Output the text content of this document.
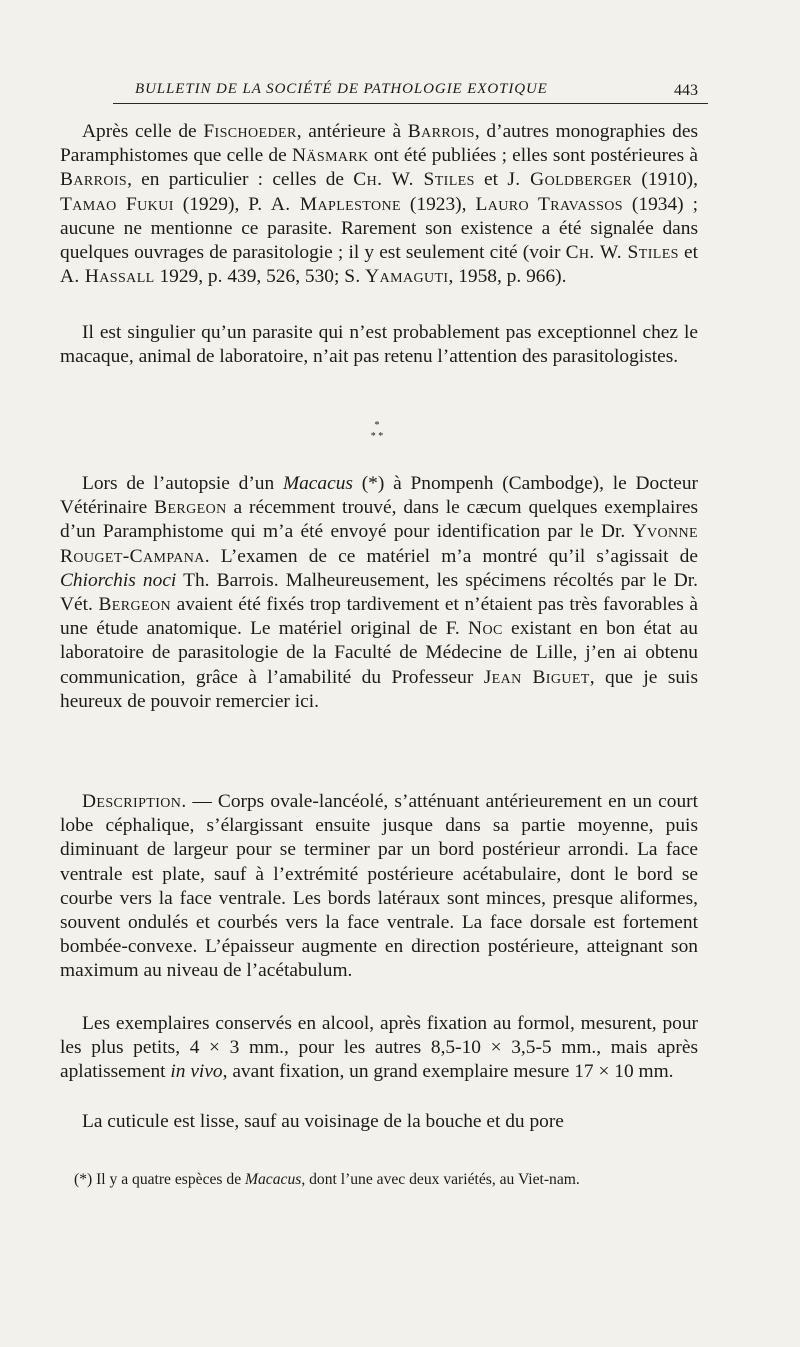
BULLETIN DE LA SOCIÉTÉ DE PATHOLOGIE EXOTIQUE	443

Après celle de Fischoeder, antérieure à Barrois, d’autres monographies des Paramphistomes que celle de Näsmark ont été publiées ; elles sont postérieures à Barrois, en particulier : celles de Ch. W. Stiles et J. Goldberger (1910), Tamao Fukui (1929), P. A. Maplestone (1923), Lauro Travassos (1934) ; aucune ne mentionne ce parasite. Rarement son existence a été signalée dans quelques ouvrages de parasitologie ; il y est seulement cité (voir Ch. W. Stiles et A. Hassall 1929, p. 439, 526, 530; S. Yamaguti, 1958, p. 966).

Il est singulier qu’un parasite qui n’est probablement pas exceptionnel chez le macaque, animal de laboratoire, n’ait pas retenu l’attention des parasitologistes.

*
* *

Lors de l’autopsie d’un Macacus (*) à Pnompenh (Cambodge), le Docteur Vétérinaire Bergeon a récemment trouvé, dans le cæcum quelques exemplaires d’un Paramphistome qui m’a été envoyé pour identification par le Dr. Yvonne Rouget-Campana. L’examen de ce matériel m’a montré qu’il s’agissait de Chiorchis noci Th. Barrois. Malheureusement, les spécimens récoltés par le Dr. Vét. Bergeon avaient été fixés trop tardivement et n’étaient pas très favorables à une étude anatomique. Le matériel original de F. Noc existant en bon état au laboratoire de parasitologie de la Faculté de Médecine de Lille, j’en ai obtenu communication, grâce à l’amabilité du Professeur Jean Biguet, que je suis heureux de pouvoir remercier ici.

Description. — Corps ovale-lancéolé, s’atténuant antérieurement en un court lobe céphalique, s’élargissant ensuite jusque dans sa partie moyenne, puis diminuant de largeur pour se terminer par un bord postérieur arrondi. La face ventrale est plate, sauf à l’extrémité postérieure acétabulaire, dont le bord se courbe vers la face ventrale. Les bords latéraux sont minces, presque aliformes, souvent ondulés et courbés vers la face ventrale. La face dorsale est fortement bombée-convexe. L’épaisseur augmente en direction postérieure, atteignant son maximum au niveau de l’acétabulum.

Les exemplaires conservés en alcool, après fixation au formol, mesurent, pour les plus petits, 4 × 3 mm., pour les autres 8,5-10 × 3,5-5 mm., mais après aplatissement in vivo, avant fixation, un grand exemplaire mesure 17 × 10 mm.

La cuticule est lisse, sauf au voisinage de la bouche et du pore

(*) Il y a quatre espèces de Macacus, dont l’une avec deux variétés, au Viet-nam.
